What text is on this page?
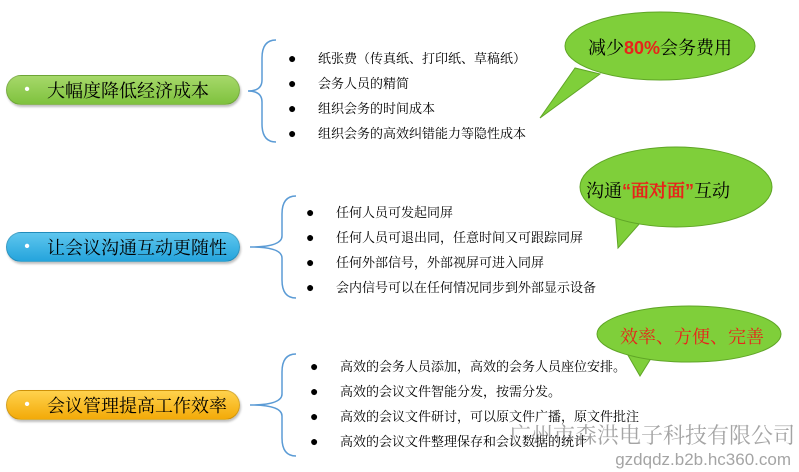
• 大幅度降低经济成本
● 纸张费（传真纸、打印纸、草稿纸）
● 会务人员的精简
● 组织会务的时间成本
● 组织会务的高效纠错能力等隐性成本
减少80%会务费用
• 让会议沟通互动更随性
● 任何人员可发起同屏
● 任何人员可退出同，任意时间又可跟踪同屏
● 任何外部信号，外部视屏可进入同屏
● 会内信号可以在任何情况同步到外部显示设备
沟通“面对面”互动
• 会议管理提高工作效率
● 高效的会务人员添加，高效的会务人员座位安排。
● 高效的会议文件智能分发，按需分发。
● 高效的会议文件研讨，可以原文件广播，原文件批注
● 高效的会议文件整理保存和会议数据的统计
效率、方便、完善
广州市森洪电子科技有限公司
gzdqdz.b2b.hc360.com
